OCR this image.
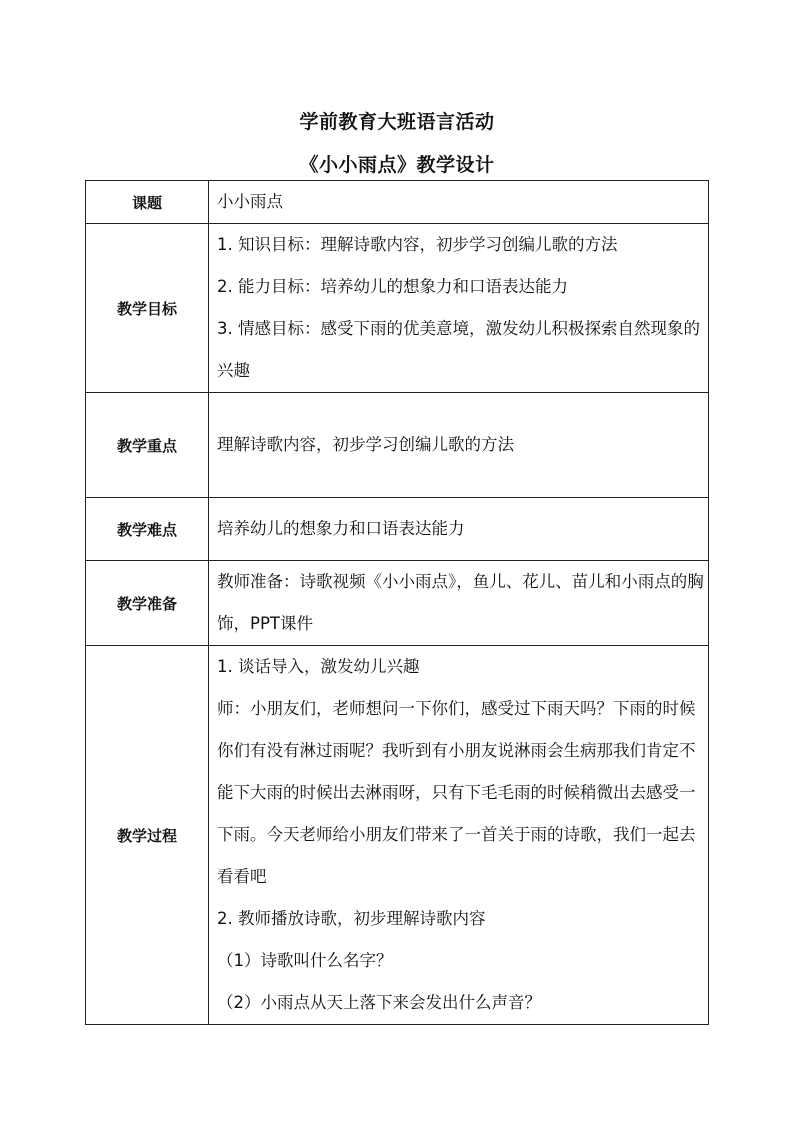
学前教育大班语言活动
《小小雨点》教学设计
课题	小小雨点

教学目标	1. 知识目标：理解诗歌内容，初步学习创编儿歌的方法
2. 能力目标：培养幼儿的想象力和口语表达能力
3. 情感目标：感受下雨的优美意境，激发幼儿积极探索自然现象的兴趣

教学重点	理解诗歌内容，初步学习创编儿歌的方法

教学难点	培养幼儿的想象力和口语表达能力

教学准备	教师准备：诗歌视频《小小雨点》，鱼儿、花儿、苗儿和小雨点的胸饰，PPT课件

教学过程	1. 谈话导入，激发幼儿兴趣
师：小朋友们，老师想问一下你们，感受过下雨天吗？下雨的时候你们有没有淋过雨呢？我听到有小朋友说淋雨会生病那我们肯定不能下大雨的时候出去淋雨呀，只有下毛毛雨的时候稍微出去感受一下雨。今天老师给小朋友们带来了一首关于雨的诗歌，我们一起去看看吧
2. 教师播放诗歌，初步理解诗歌内容
（1）诗歌叫什么名字？
（2）小雨点从天上落下来会发出什么声音？
